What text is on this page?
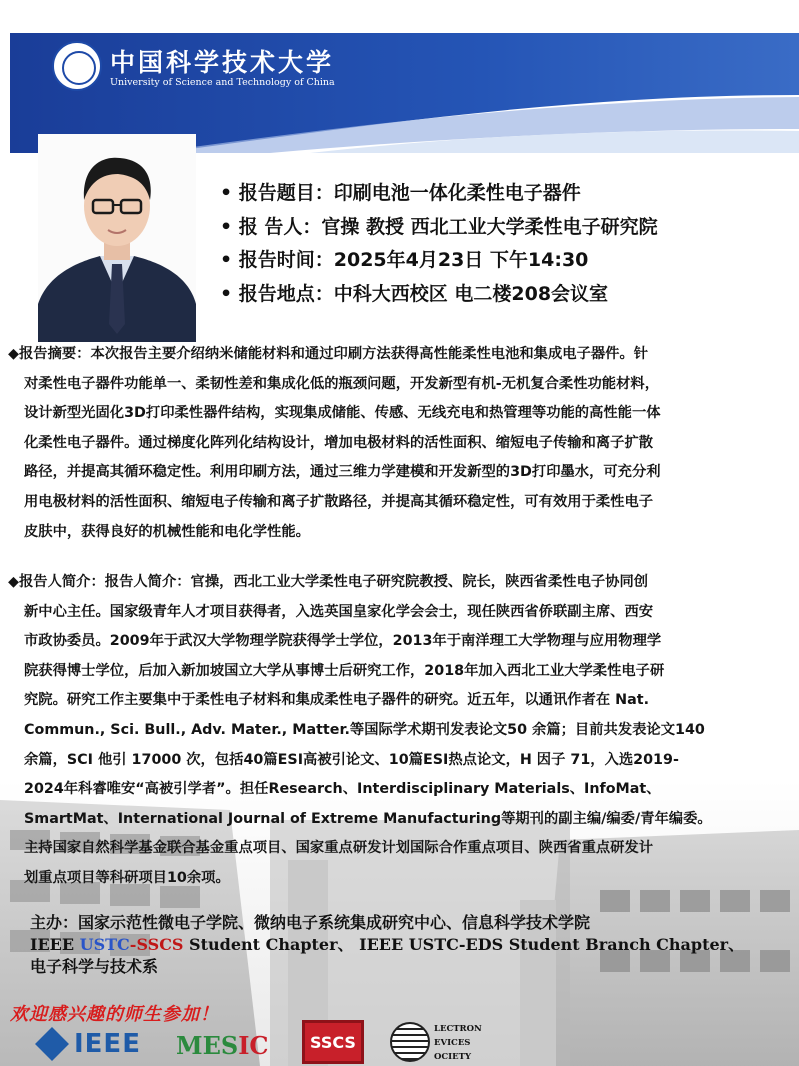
中国科学技术大学
University of Science and Technology of China
• 报告题目：印刷电池一体化柔性电子器件
• 报 告人：官操 教授 西北工业大学柔性电子研究院
• 报告时间：2025年4月23日 下午14:30
• 报告地点：中科大西校区 电二楼208会议室
◆报告摘要：本次报告主要介绍纳米储能材料和通过印刷方法获得高性能柔性电池和集成电子器件。针
对柔性电子器件功能单一、柔韧性差和集成化低的瓶颈问题，开发新型有机-无机复合柔性功能材料，
设计新型光固化3D打印柔性器件结构，实现集成储能、传感、无线充电和热管理等功能的高性能一体
化柔性电子器件。通过梯度化阵列化结构设计，增加电极材料的活性面积、缩短电子传输和离子扩散
路径，并提高其循环稳定性。利用印刷方法，通过三维力学建模和开发新型的3D打印墨水，可充分利
用电极材料的活性面积、缩短电子传输和离子扩散路径，并提高其循环稳定性，可有效用于柔性电子
皮肤中，获得良好的机械性能和电化学性能。
◆报告人简介：报告人简介：官操，西北工业大学柔性电子研究院教授、院长，陕西省柔性电子协同创
新中心主任。国家级青年人才项目获得者，入选英国皇家化学会会士，现任陕西省侨联副主席、西安
市政协委员。2009年于武汉大学物理学院获得学士学位，2013年于南洋理工大学物理与应用物理学
院获得博士学位，后加入新加坡国立大学从事博士后研究工作，2018年加入西北工业大学柔性电子研
究院。研究工作主要集中于柔性电子材料和集成柔性电子器件的研究。近五年，以通讯作者在 Nat.
Commun., Sci. Bull., Adv. Mater., Matter.等国际学术期刊发表论文50 余篇；目前共发表论文140
余篇，SCI 他引 17000 次，包括40篇ESI高被引论文、10篇ESI热点论文，H 因子 71，入选2019-
2024年科睿唯安“高被引学者”。担任Research、Interdisciplinary Materials、InfoMat、
SmartMat、International Journal of Extreme Manufacturing等期刊的副主编/编委/青年编委。
主持国家自然科学基金联合基金重点项目、国家重点研发计划国际合作重点项目、陕西省重点研发计
划重点项目等科研项目10余项。
主办：国家示范性微电子学院、微纳电子系统集成研究中心、信息科学技术学院
IEEE USTC-SSCS Student Chapter、 IEEE USTC-EDS Student Branch Chapter、
电子科学与技术系
欢迎感兴趣的师生参加！
IEEE MESIC	SSCS
LECTRON
EVICES
OCIETY
